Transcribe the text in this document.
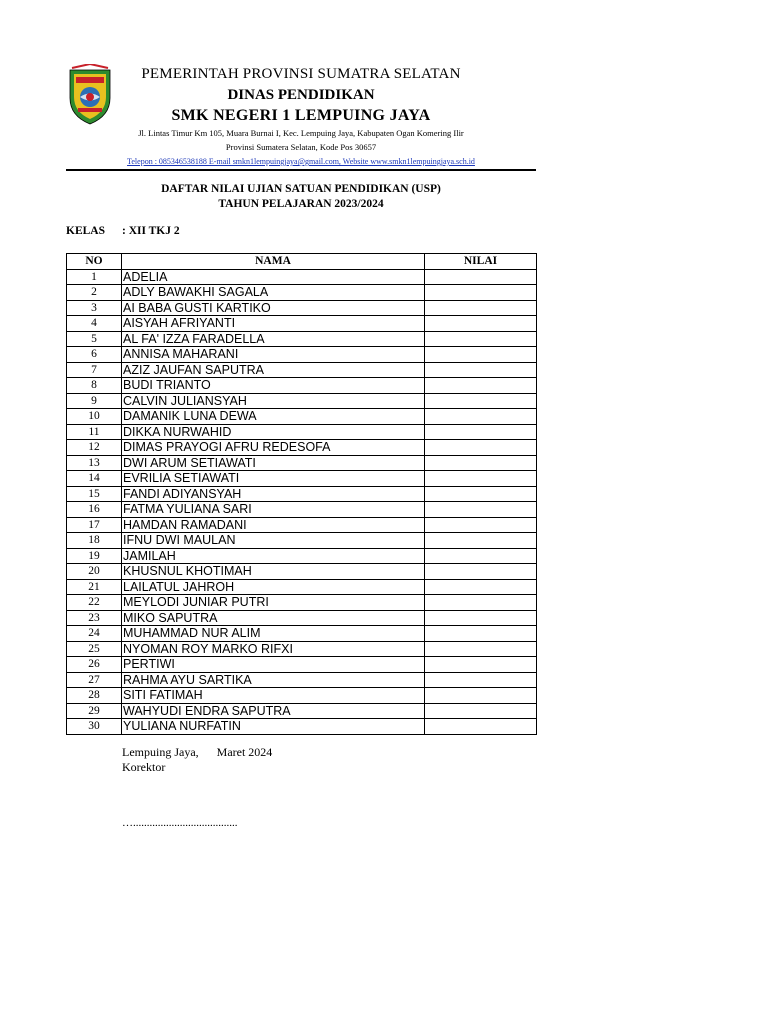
PEMERINTAH PROVINSI SUMATRA SELATAN
DINAS PENDIDIKAN
SMK NEGERI 1 LEMPUING JAYA
Jl. Lintas Timur Km 105, Muara Burnai I, Kec. Lempuing Jaya, Kabupaten Ogan Komering Ilir
Provinsi Sumatera Selatan, Kode Pos 30657
Telepon : 085346538188 E-mail smkn1lempuingjaya@gmail.com, Website www.smkn1lempuingjaya.sch.id
DAFTAR NILAI UJIAN SATUAN PENDIDIKAN (USP)
TAHUN PELAJARAN 2023/2024
KELAS : XII TKJ 2
NO	NAMA	NILAI
1	ADELIA	
2	ADLY BAWAKHI SAGALA	
3	AI BABA GUSTI KARTIKO	
4	AISYAH AFRIYANTI	
5	AL FA' IZZA FARADELLA	
6	ANNISA MAHARANI	
7	AZIZ JAUFAN SAPUTRA	
8	BUDI TRIANTO	
9	CALVIN JULIANSYAH	
10	DAMANIK LUNA DEWA	
11	DIKKA NURWAHID	
12	DIMAS PRAYOGI AFRU REDESOFA	
13	DWI ARUM SETIAWATI	
14	EVRILIA SETIAWATI	
15	FANDI ADIYANSYAH	
16	FATMA YULIANA SARI	
17	HAMDAN RAMADANI	
18	IFNU DWI MAULAN	
19	JAMILAH	
20	KHUSNUL KHOTIMAH	
21	LAILATUL JAHROH	
22	MEYLODI JUNIAR PUTRI	
23	MIKO SAPUTRA	
24	MUHAMMAD NUR ALIM	
25	NYOMAN ROY MARKO RIFXI	
26	PERTIWI	
27	RAHMA AYU SARTIKA	
28	SITI FATIMAH	
29	WAHYUDI ENDRA SAPUTRA	
30	YULIANA NURFATIN	
Lempuing Jaya,      Maret 2024
Korektor
…......................................
